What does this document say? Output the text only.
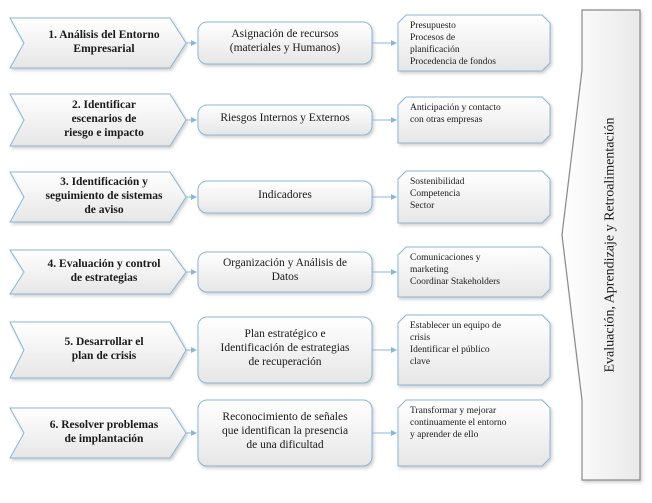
1. Análisis del Entorno
Empresarial
Asignación de recursos
(materiales y Humanos)
Presupuesto
Procesos de
planificación
Procedencia de fondos
2. Identificar
escenarios de
riesgo e impacto
Riesgos Internos y Externos
Anticipación y contacto
con otras empresas
3. Identificación y
seguimiento de sistemas
de aviso
Indicadores
Sostenibilidad
Competencia
Sector
4. Evaluación y control
de estrategias
Organización y Análisis de
Datos
Comunicaciones y
marketing
Coordinar Stakeholders
5. Desarrollar el
plan de crisis
Plan estratégico e
Identificación de estrategias
de recuperación
Establecer un equipo de
crisis
Identificar el público
clave
6. Resolver problemas
de implantación
Reconocimiento de señales
que identifican la presencia
de una dificultad
Transformar y mejorar
continuamente el entorno
y aprender de ello
Evaluación, Aprendizaje y Retroalimentación
